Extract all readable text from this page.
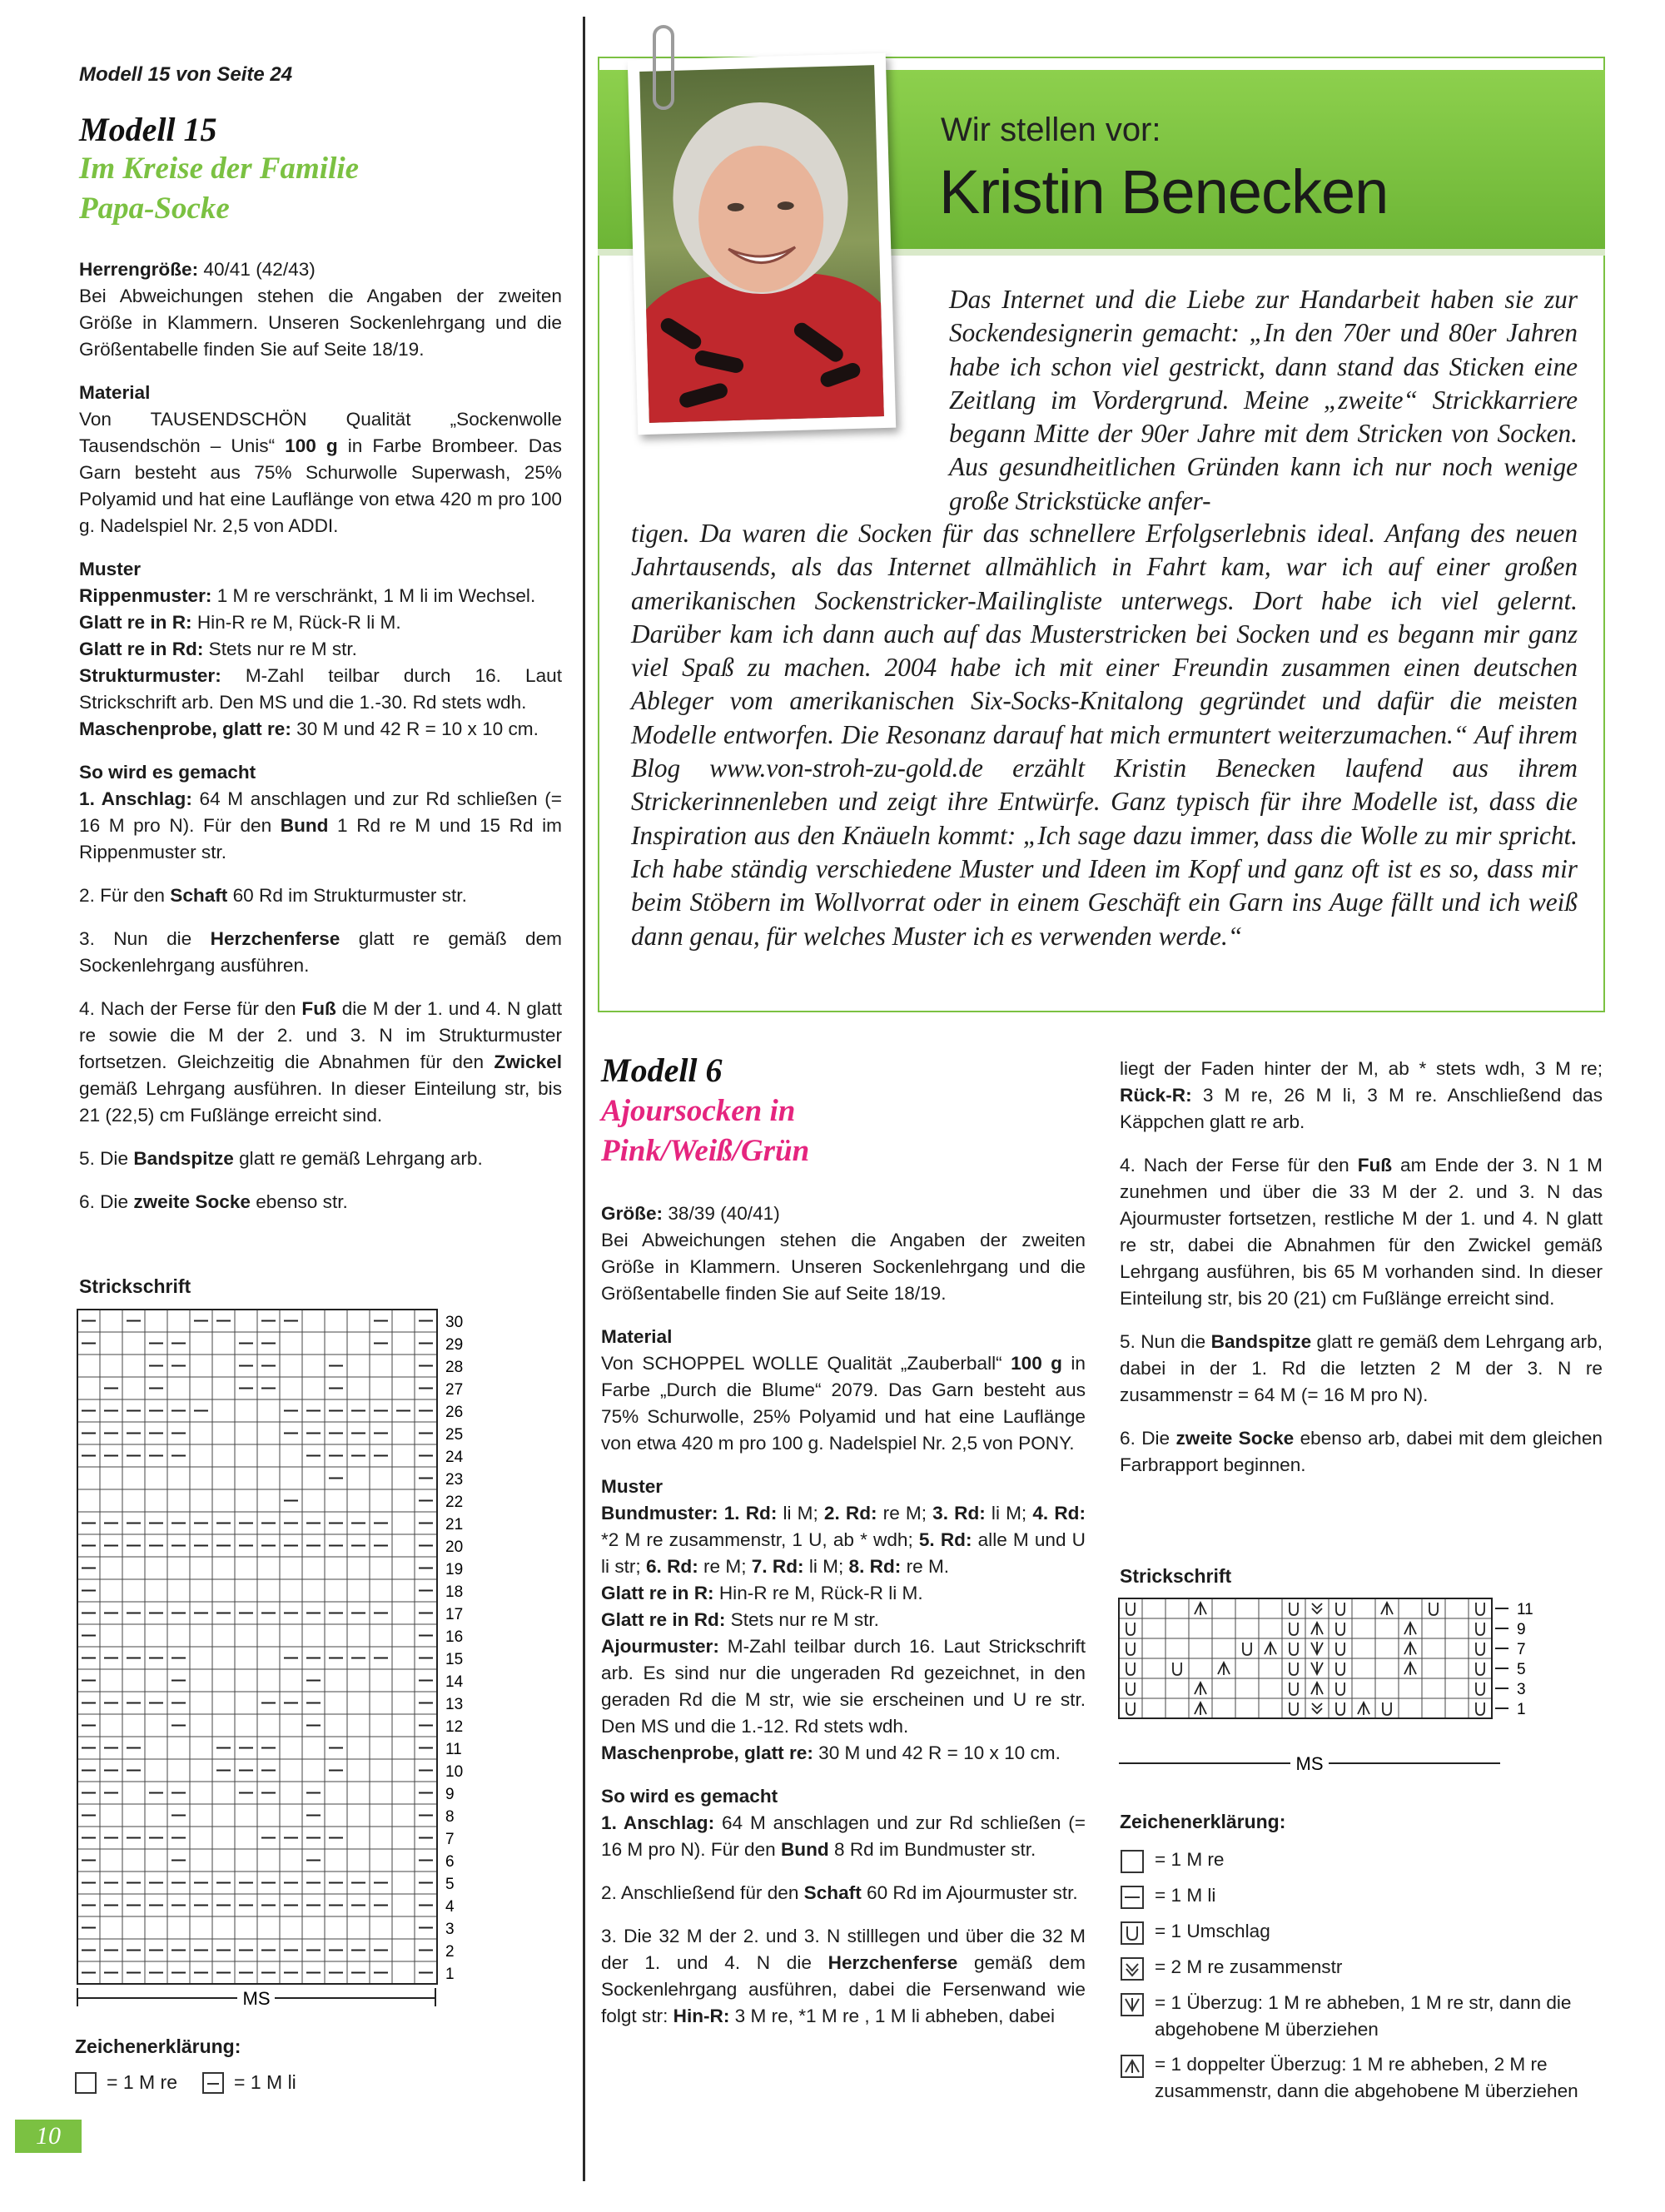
Modell 15 von Seite 24
Modell 15
Im Kreise der Familie
Papa-Socke

Herrengröße: 40/41 (42/43)
Bei Abweichungen stehen die Angaben der zweiten Größe in Klammern. Unseren Sockenlehrgang und die Größentabelle finden Sie auf Seite 18/19.

Material
Von TAUSENDSCHÖN Qualität „Sockenwolle Tausendschön – Unis“ 100 g in Farbe Brombeer. Das Garn besteht aus 75% Schurwolle Superwash, 25% Polyamid und hat eine Lauflänge von etwa 420 m pro 100 g. Nadelspiel Nr. 2,5 von ADDI.

Muster
Rippenmuster: 1 M re verschränkt, 1 M li im Wechsel.
Glatt re in R: Hin-R re M, Rück-R li M.
Glatt re in Rd: Stets nur re M str.
Strukturmuster: M-Zahl teilbar durch 16. Laut Strickschrift arb. Den MS und die 1.-30. Rd stets wdh.
Maschenprobe, glatt re: 30 M und 42 R = 10 x 10 cm.

So wird es gemacht

1. Anschlag: 64 M anschlagen und zur Rd schließen (= 16 M pro N). Für den Bund 1 Rd re M und 15 Rd im Rippenmuster str.

2. Für den Schaft 60 Rd im Strukturmuster str.

3. Nun die Herzchenferse glatt re gemäß dem Sockenlehrgang ausführen.

4. Nach der Ferse für den Fuß die M der 1. und 4. N glatt re sowie die M der 2. und 3. N im Strukturmuster fortsetzen. Gleichzeitig die Abnahmen für den Zwickel gemäß Lehrgang ausführen. In dieser Einteilung str, bis 21 (22,5) cm Fußlänge erreicht sind.

5. Die Bandspitze glatt re gemäß Lehrgang arb.

6. Die zweite Socke ebenso str.

Strickschrift
30
29
28
27
26
25
24
23
22
21
20
19
18
17
16
15
14
13
12
11
10
9
8
7
6
5
4
3
2
1
MS
Zeichenerklärung:
= 1 M re	= 1 M li
10
Wir stellen vor:
Kristin Benecken
Das Internet und die Liebe zur Handarbeit haben sie zur Sockendesignerin gemacht: „In den 70er und 80er Jahren habe ich schon viel gestrickt, dann stand das Sticken eine Zeitlang im Vordergrund. Meine „zweite“ Strickkarriere begann Mitte der 90er Jahre mit dem Stricken von Socken. Aus gesundheitlichen Gründen kann ich nur noch wenige große Strickstücke anfer-
tigen. Da waren die Socken für das schnellere Erfolgserlebnis ideal. Anfang des neuen Jahrtausends, als das Internet allmählich in Fahrt kam, war ich auf einer großen amerikanischen Sockenstricker-Mailingliste unterwegs. Dort habe ich viel gelernt. Darüber kam ich dann auch auf das Musterstricken bei Socken und es begann mir ganz viel Spaß zu machen. 2004 habe ich mit einer Freundin zusammen einen deutschen Ableger vom amerikanischen Six-Socks-Knitalong gegründet und dafür die meisten Modelle entworfen. Die Resonanz darauf hat mich ermuntert weiterzumachen.“ Auf ihrem Blog www.von-stroh-zu-gold.de erzählt Kristin Benecken laufend aus ihrem Strickerinnenleben und zeigt ihre Entwürfe. Ganz typisch für ihre Modelle ist, dass die Inspiration aus den Knäueln kommt: „Ich sage dazu immer, dass die Wolle zu mir spricht. Ich habe ständig verschiedene Muster und Ideen im Kopf und ganz oft ist es so, dass mir beim Stöbern im Wollvorrat oder in einem Geschäft ein Garn ins Auge fällt und ich weiß dann genau, für welches Muster ich es verwenden werde.“
Modell 6
Ajoursocken in
Pink/Weiß/Grün

Größe: 38/39 (40/41)
Bei Abweichungen stehen die Angaben der zweiten Größe in Klammern. Unseren Sockenlehrgang und die Größentabelle finden Sie auf Seite 18/19.

Material
Von SCHOPPEL WOLLE Qualität „Zauberball“ 100 g in Farbe „Durch die Blume“ 2079. Das Garn besteht aus 75% Schurwolle, 25% Polyamid und hat eine Lauflänge von etwa 420 m pro 100 g. Nadelspiel Nr. 2,5 von PONY.

Muster
Bundmuster: 1. Rd: li M; 2. Rd: re M; 3. Rd: li M; 4. Rd: *2 M re zusammenstr, 1 U, ab * wdh; 5. Rd: alle M und U li str; 6. Rd: re M; 7. Rd: li M; 8. Rd: re M.
Glatt re in R: Hin-R re M, Rück-R li M.
Glatt re in Rd: Stets nur re M str.
Ajourmuster: M-Zahl teilbar durch 16. Laut Strickschrift arb. Es sind nur die ungeraden Rd gezeichnet, in den geraden Rd die M str, wie sie erscheinen und U re str. Den MS und die 1.-12. Rd stets wdh.
Maschenprobe, glatt re: 30 M und 42 R = 10 x 10 cm.

So wird es gemacht

1. Anschlag: 64 M anschlagen und zur Rd schließen (= 16 M pro N). Für den Bund 8 Rd im Bundmuster str.

2. Anschließend für den Schaft 60 Rd im Ajourmuster str.

3. Die 32 M der 2. und 3. N stilllegen und über die 32 M der 1. und 4. N die Herzchenferse gemäß dem Sockenlehrgang ausführen, dabei die Fersenwand wie folgt str: Hin-R: 3 M re, *1 M re , 1 M li abheben, dabei

liegt der Faden hinter der M, ab * stets wdh, 3 M re; Rück-R: 3 M re, 26 M li, 3 M re. Anschließend das Käppchen glatt re arb.

4. Nach der Ferse für den Fuß am Ende der 3. N 1 M zunehmen und über die 33 M der 2. und 3. N das Ajourmuster fortsetzen, restliche M der 1. und 4. N glatt re str, dabei die Abnahmen für den Zwickel gemäß Lehrgang ausführen, bis 65 M vorhanden sind. In dieser Einteilung str, bis 20 (21) cm Fußlänge erreicht sind.

5. Nun die Bandspitze glatt re gemäß dem Lehrgang arb, dabei in der 1. Rd die letzten 2 M der 3. N re zusammenstr = 64 M (= 16 M pro N).

6. Die zweite Socke ebenso arb, dabei mit dem gleichen Farbrapport beginnen.

Strickschrift
11
9
7
5
3
1
MS
Zeichenerklärung:
= 1 M re
= 1 M li
= 1 Umschlag
= 2 M re zusammenstr
= 1 Überzug: 1 M re abheben, 1 M re str, dann die abgehobene M überziehen
= 1 doppelter Überzug: 1 M re abheben, 2 M re zusammenstr, dann die abgehobene M überziehen
